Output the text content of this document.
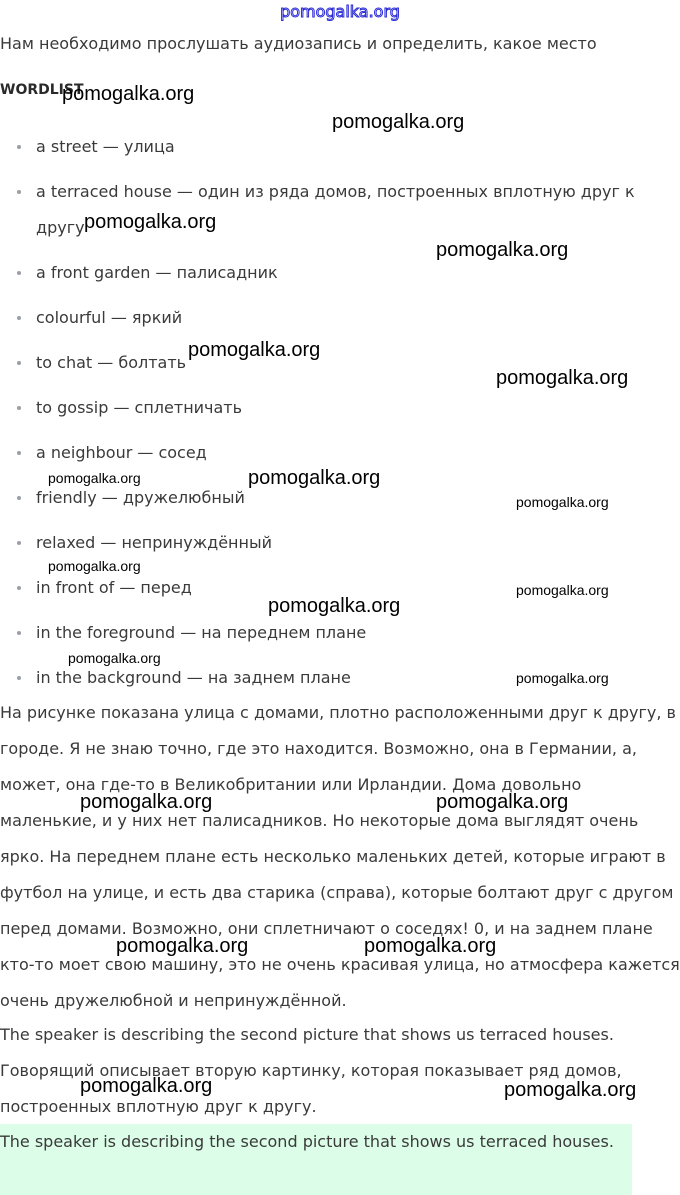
pomogalka.org
Нам необходимо прослушать аудиозапись и определить, какое место
WORDLIST
a street — улица
a terraced house — один из ряда домов, построенных вплотную друг к другу
a front garden — палисадник
colourful — яркий
to chat — болтать
to gossip — сплетничать
a neighbour — сосед
friendly — дружелюбный
relaxed — непринуждённый
in front of — перед
in the foreground — на переднем плане
in the background — на заднем плане

На рисунке показана улица с домами, плотно расположенными друг к другу, в городе. Я не знаю точно, где это находится. Возможно, она в Германии, а, может, она где-то в Великобритании или Ирландии. Дома довольно маленькие, и у них нет палисадников. Но некоторые дома выглядят очень ярко. На переднем плане есть несколько маленьких детей, которые играют в футбол на улице, и есть два старика (справа), которые болтают друг с другом перед домами. Возможно, они сплетничают о соседях! 0, и на заднем плане кто-то моет свою машину, это не очень красивая улица, но атмосфера кажется очень дружелюбной и непринуждённой.

The speaker is describing the second picture that shows us terraced houses.

Говорящий описывает вторую картинку, которая показывает ряд домов, построенных вплотную друг к другу.

The speaker is describing the second picture that shows us terraced houses.
pomogalka.org
pomogalka.org
pomogalka.org
pomogalka.org
pomogalka.org
pomogalka.org
pomogalka.org	pomogalka.org
pomogalka.org
pomogalka.org
pomogalka.org
pomogalka.org
pomogalka.org
pomogalka.org
pomogalka.org	pomogalka.org
pomogalka.org	pomogalka.org
pomogalka.org	pomogalka.org
